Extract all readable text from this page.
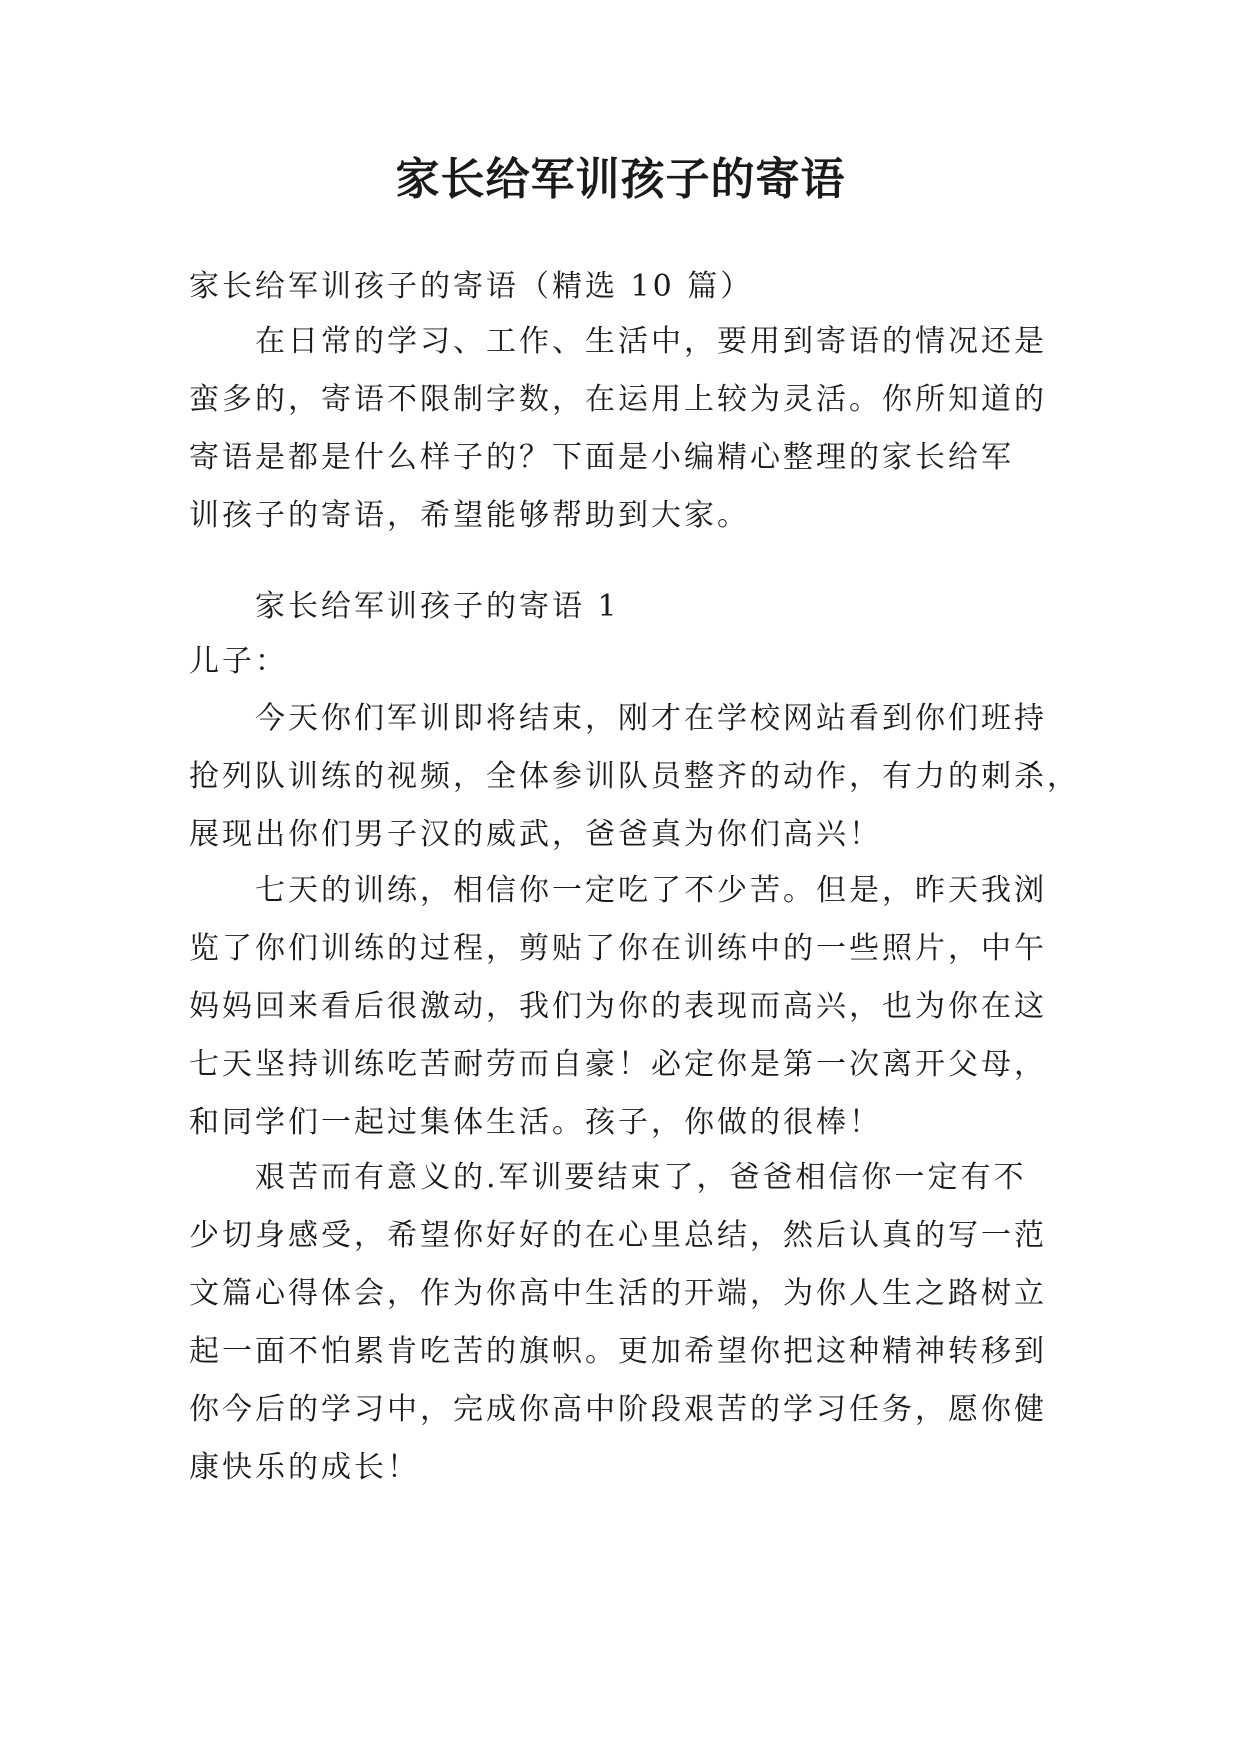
家长给军训孩子的寄语
家长给军训孩子的寄语（精选 10 篇）
在日常的学习、工作、生活中，要用到寄语的情况还是
蛮多的，寄语不限制字数，在运用上较为灵活。你所知道的
寄语是都是什么样子的？下面是小编精心整理的家长给军
训孩子的寄语，希望能够帮助到大家。
家长给军训孩子的寄语 1
儿子：
今天你们军训即将结束，刚才在学校网站看到你们班持
抢列队训练的视频，全体参训队员整齐的动作，有力的刺杀，
展现出你们男子汉的威武，爸爸真为你们高兴！
七天的训练，相信你一定吃了不少苦。但是，昨天我浏
览了你们训练的过程，剪贴了你在训练中的一些照片，中午
妈妈回来看后很激动，我们为你的表现而高兴，也为你在这
七天坚持训练吃苦耐劳而自豪！必定你是第一次离开父母，
和同学们一起过集体生活。孩子，你做的很棒！
艰苦而有意义的.军训要结束了，爸爸相信你一定有不
少切身感受，希望你好好的在心里总结，然后认真的写一范
文篇心得体会，作为你高中生活的开端，为你人生之路树立
起一面不怕累肯吃苦的旗帜。更加希望你把这种精神转移到
你今后的学习中，完成你高中阶段艰苦的学习任务，愿你健
康快乐的成长！
